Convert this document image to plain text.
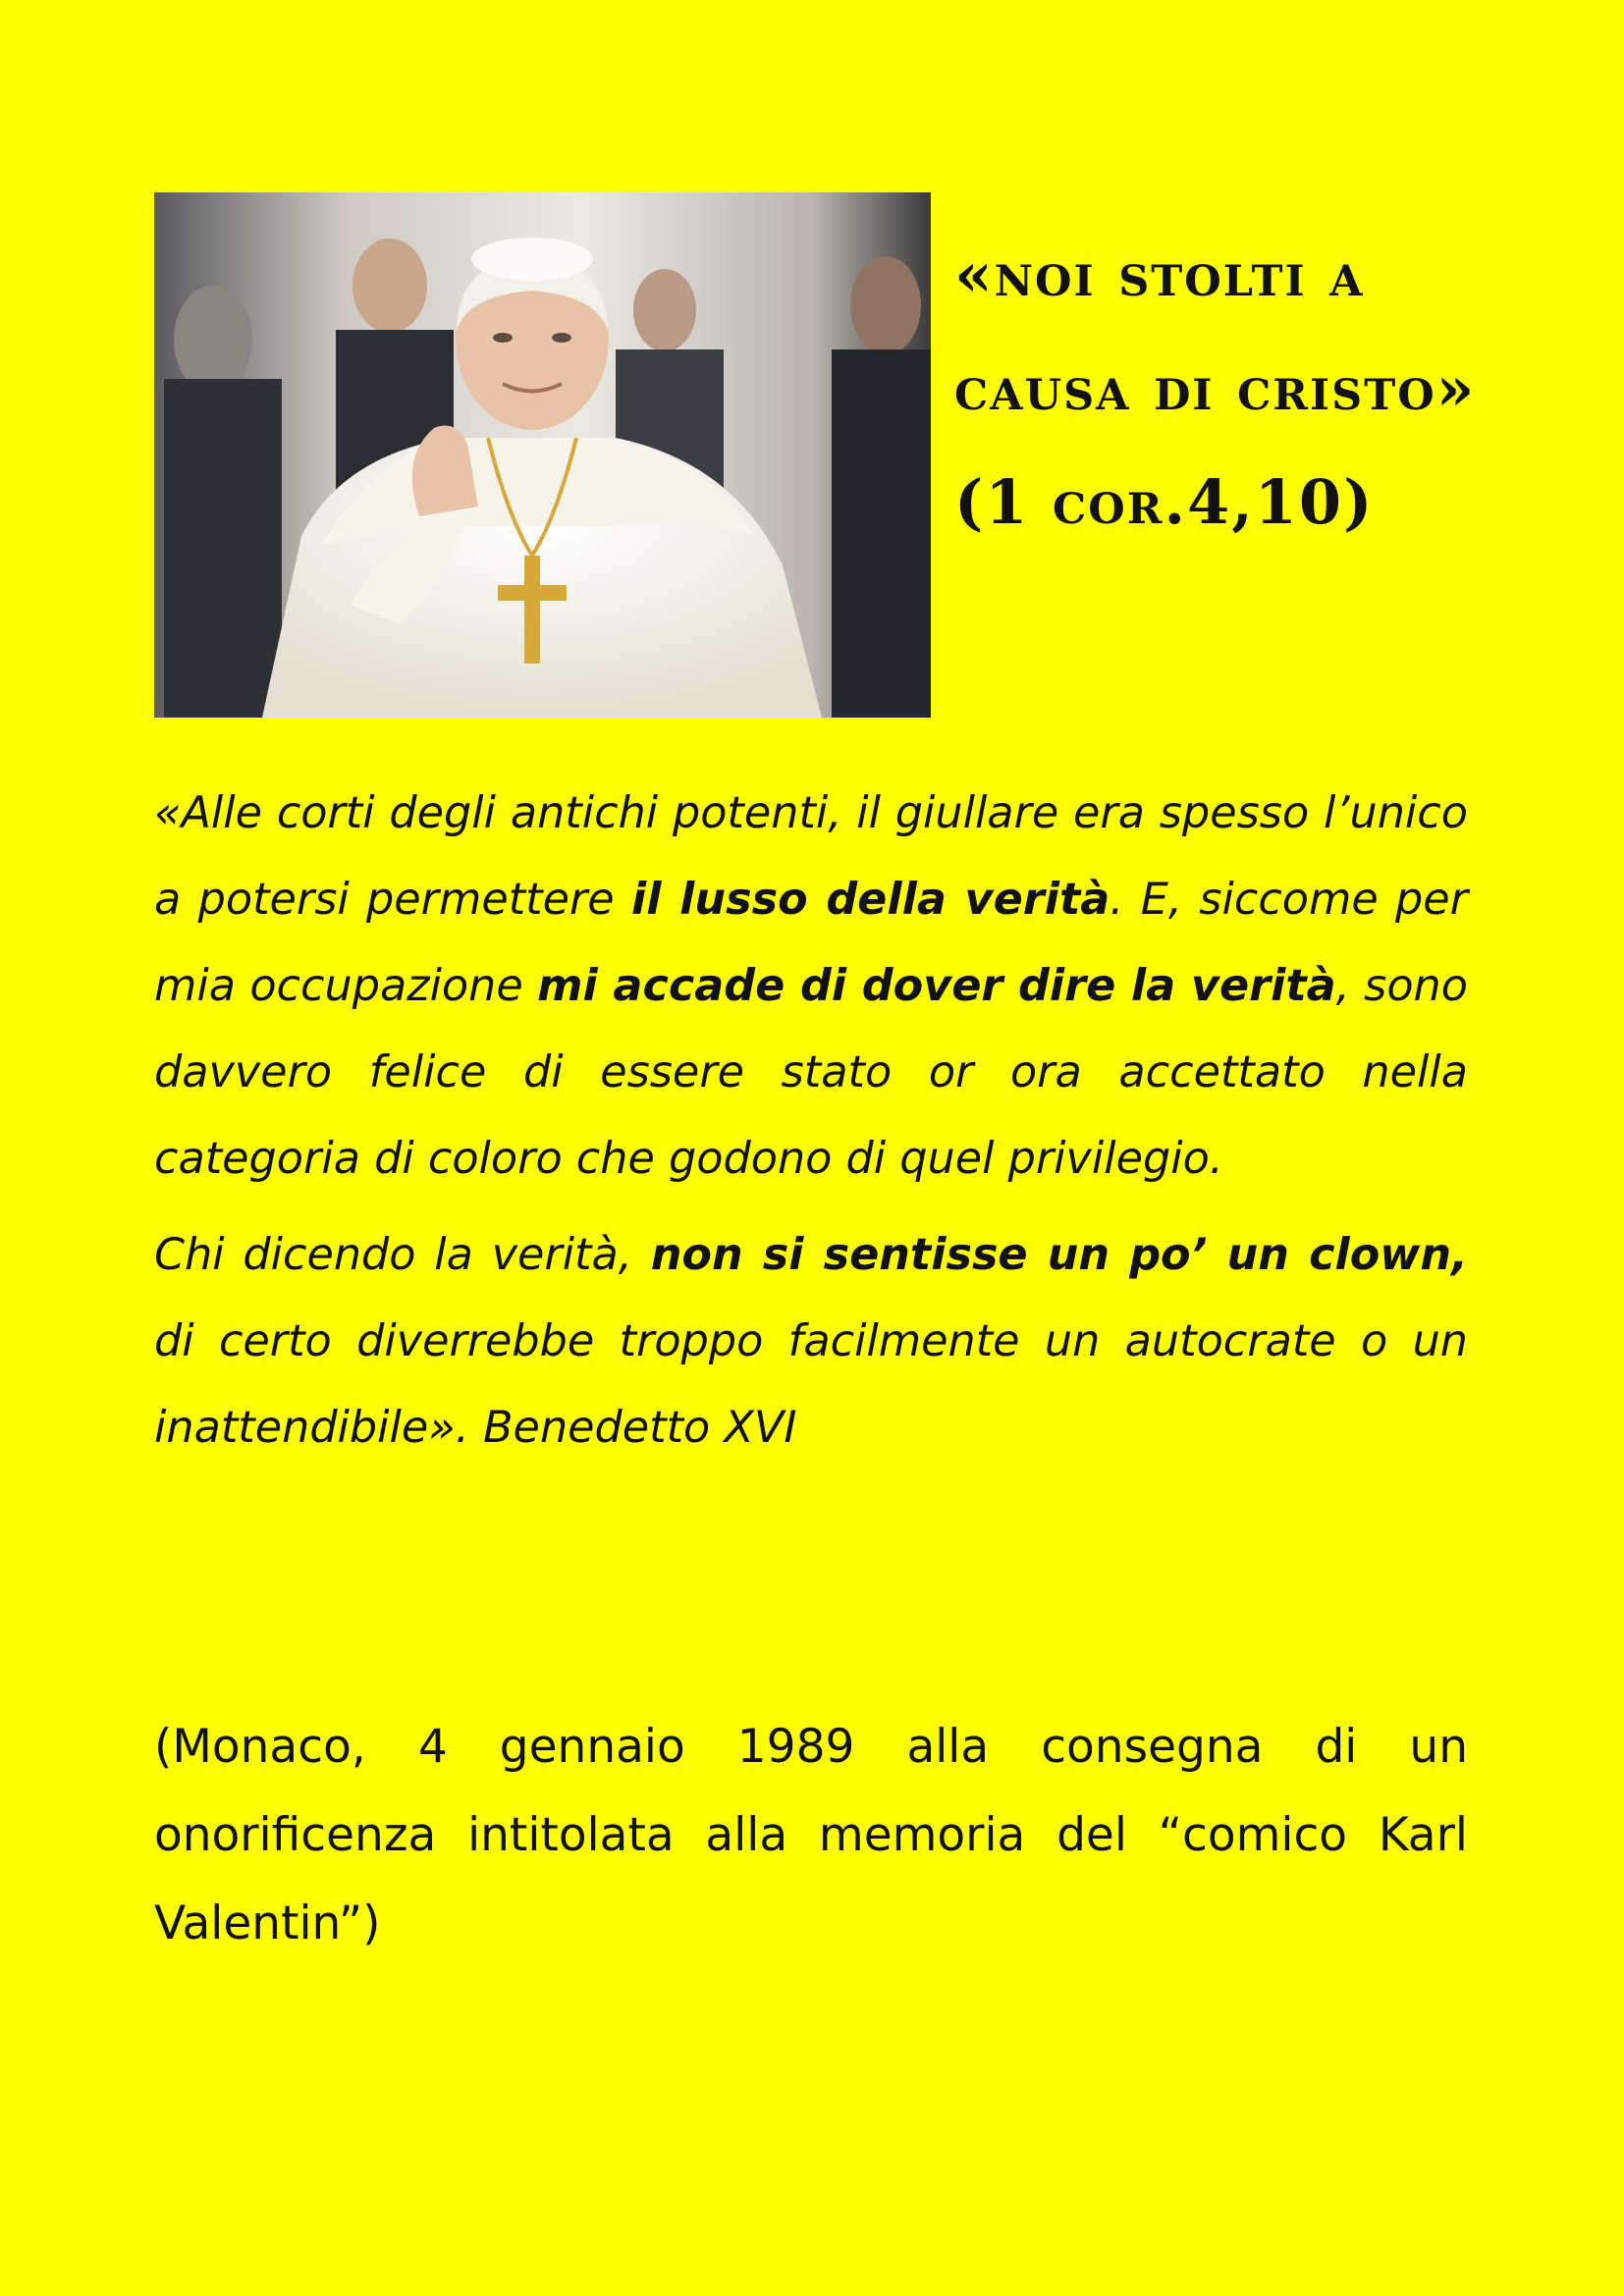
«noi stolti a causa di cristo» (1 cor.4,10)

«Alle corti degli antichi potenti, il giullare era spesso l’unico a potersi permettere il lusso della verità. E, siccome per mia occupazione mi accade di dover dire la verità, sono davvero felice di essere stato or ora accettato nella categoria di coloro che godono di quel privilegio.

Chi dicendo la verità, non si sentisse un po’ un clown, di certo diverrebbe troppo facilmente un autocrate o un inattendibile». Benedetto XVI

(Monaco, 4 gennaio 1989 alla consegna di un onorificenza intitolata alla memoria del “comico Karl Valentin”)
